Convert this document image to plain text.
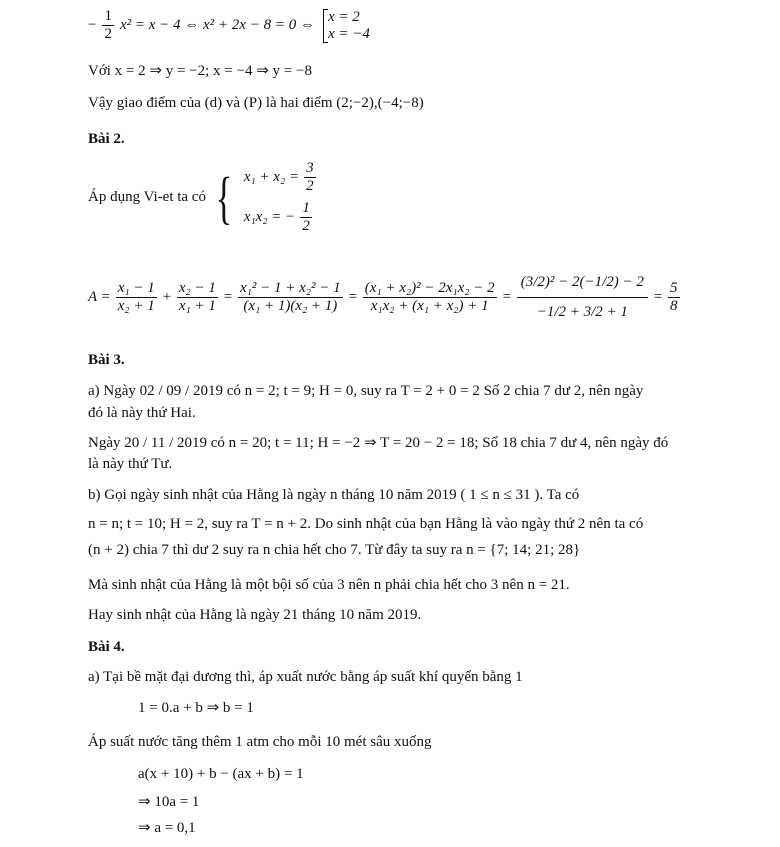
− $\frac{1}{2} x^2 = x - 4$ ⇔ x² + 2x − 8 = 0 ⇔
x = 2
x = −4
Với x = 2 ⇒ y = −2; x = −4 ⇒ y = −8
Vậy giao điểm của (d) và (P) là hai điểm (2;−2),(−4;−8)
Bài 2.
Áp dụng Vi-et ta có { $x_1 + x_2 = \frac{3}{2}$
x₁x₂ = − $\frac{1}{2}$
$A = \frac{\text{x₁ − 1}}{\text{x₂ + 1}} + \frac{\text{x₂ − 1}}{\text{x₁ + 1}} = \frac{\text{x₁² − 1 + x₂² − 1}}{\text{(x₁ + 1)(x₂ + 1)}} = \frac{\text{(x₁ + x₂)² − 2x₁x₂ − 2}}{\text{x₁x₂ + (x₁ + x₂) + 1}} = \frac{\text{(3/2)² − 2(−1/2) − 2}}{-1/2 + 3/2 + 1} = \frac{5}{8}$
Bài 3.
a) Ngày 02 / 09 / 2019 có n = 2; t = 9; H = 0, suy ra T = 2 + 0 = 2 Số 2 chia 7 dư 2, nên ngày
đó là này thứ Hai.
Ngày 20 / 11 / 2019 có n = 20; t = 11; H = −2 ⇒ T = 20 − 2 = 18; Số 18 chia 7 dư 4, nên ngày đó
là này thứ Tư.
b) Gọi ngày sinh nhật của Hằng là ngày n tháng 10 năm 2019 ( 1 ≤ n ≤ 31 ). Ta có
n = n; t = 10; H = 2, suy ra T = n + 2. Do sinh nhật của bạn Hằng là vào ngày thứ 2 nên ta có
(n + 2) chia 7 thì dư 2 suy ra n chia hết cho 7. Từ đây ta suy ra n = {7; 14; 21; 28}
Mà sinh nhật của Hằng là một bội số của 3 nên n phải chia hết cho 3 nên n = 21.
Hay sinh nhật của Hằng là ngày 21 tháng 10 năm 2019.
Bài 4.
a) Tại bề mặt đại dương thì, áp xuất nước bằng áp suất khí quyển bằng 1
1 = 0.a + b ⇒ b = 1
Áp suất nước tăng thêm 1 atm cho mỗi 10 mét sâu xuống
a(x + 10) + b − (ax + b) = 1
⇒ 10a = 1
⇒ a = 0,1
